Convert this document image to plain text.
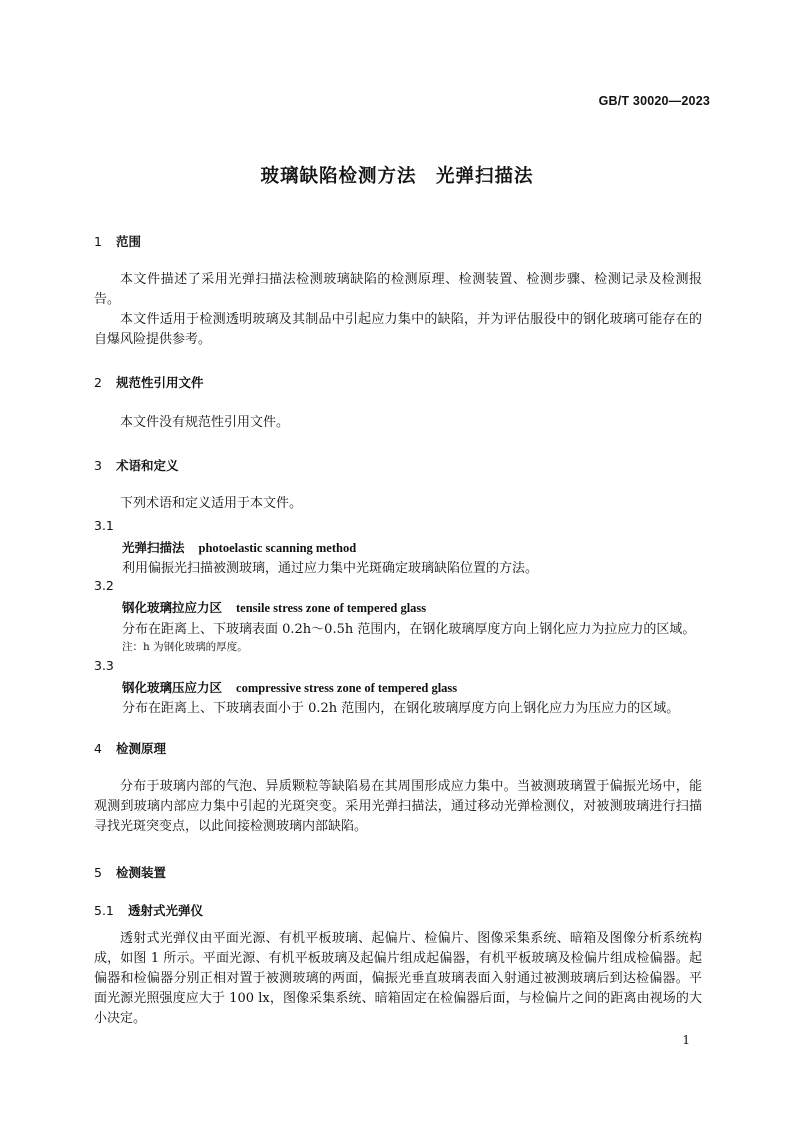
GB/T 30020—2023
玻璃缺陷检测方法　光弹扫描法
1 范围
本文件描述了采用光弹扫描法检测玻璃缺陷的检测原理、检测装置、检测步骤、检测记录及检测报告。
本文件适用于检测透明玻璃及其制品中引起应力集中的缺陷，并为评估服役中的钢化玻璃可能存在的自爆风险提供参考。
2 规范性引用文件
本文件没有规范性引用文件。
3 术语和定义
下列术语和定义适用于本文件。
3.1
光弹扫描法 photoelastic scanning method
利用偏振光扫描被测玻璃，通过应力集中光斑确定玻璃缺陷位置的方法。
3.2
钢化玻璃拉应力区 tensile stress zone of tempered glass
分布在距离上、下玻璃表面 0.2h～0.5h 范围内，在钢化玻璃厚度方向上钢化应力为拉应力的区域。
注：h 为钢化玻璃的厚度。
3.3
钢化玻璃压应力区 compressive stress zone of tempered glass
分布在距离上、下玻璃表面小于 0.2h 范围内，在钢化玻璃厚度方向上钢化应力为压应力的区域。
4 检测原理
分布于玻璃内部的气泡、异质颗粒等缺陷易在其周围形成应力集中。当被测玻璃置于偏振光场中，能观测到玻璃内部应力集中引起的光斑突变。采用光弹扫描法，通过移动光弹检测仪，对被测玻璃进行扫描寻找光斑突变点，以此间接检测玻璃内部缺陷。
5 检测装置
5.1 透射式光弹仪
透射式光弹仪由平面光源、有机平板玻璃、起偏片、检偏片、图像采集系统、暗箱及图像分析系统构成，如图 1 所示。平面光源、有机平板玻璃及起偏片组成起偏器，有机平板玻璃及检偏片组成检偏器。起偏器和检偏器分别正相对置于被测玻璃的两面，偏振光垂直玻璃表面入射通过被测玻璃后到达检偏器。平面光源光照强度应大于 100 lx，图像采集系统、暗箱固定在检偏器后面，与检偏片之间的距离由视场的大小决定。
1
